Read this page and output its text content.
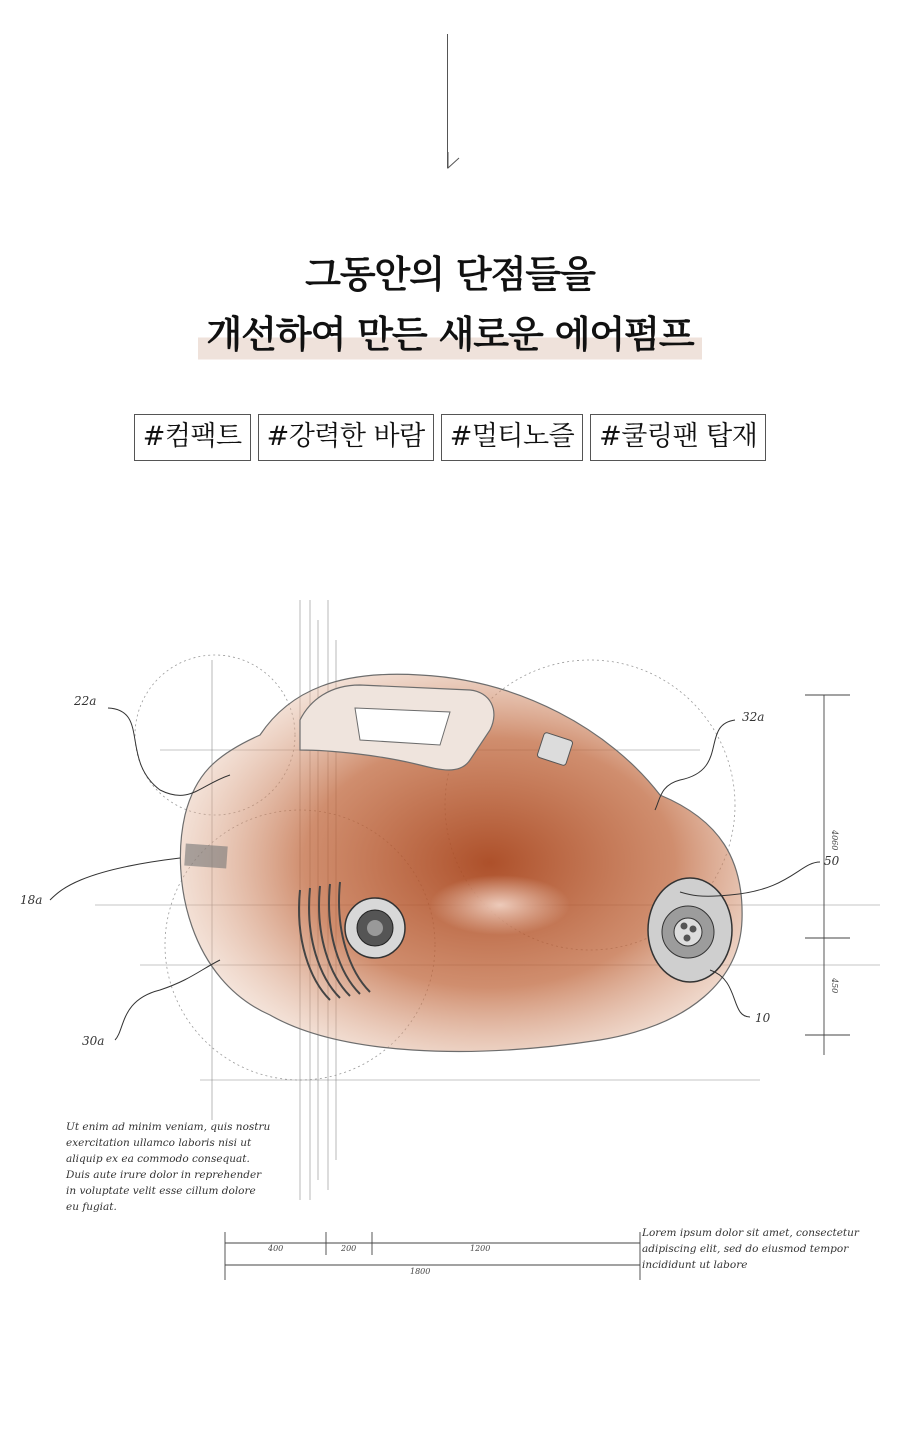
그동안의 단점들을
개선하여 만든 새로운 에어펌프
#컴팩트 #강력한 바람 #멀티노즐 #쿨링팬 탑재
22a
32a
18a
50
30a
10
4060
450
400	200	1200
1800
Ut enim ad minim veniam, quis nostru
exercitation ullamco laboris nisi ut
aliquip ex ea commodo consequat.
Duis aute irure dolor in reprehender
in voluptate velit esse cillum dolore
eu fugiat.
Lorem ipsum dolor sit amet, consectetur
adipiscing elit, sed do eiusmod tempor
incididunt ut labore
